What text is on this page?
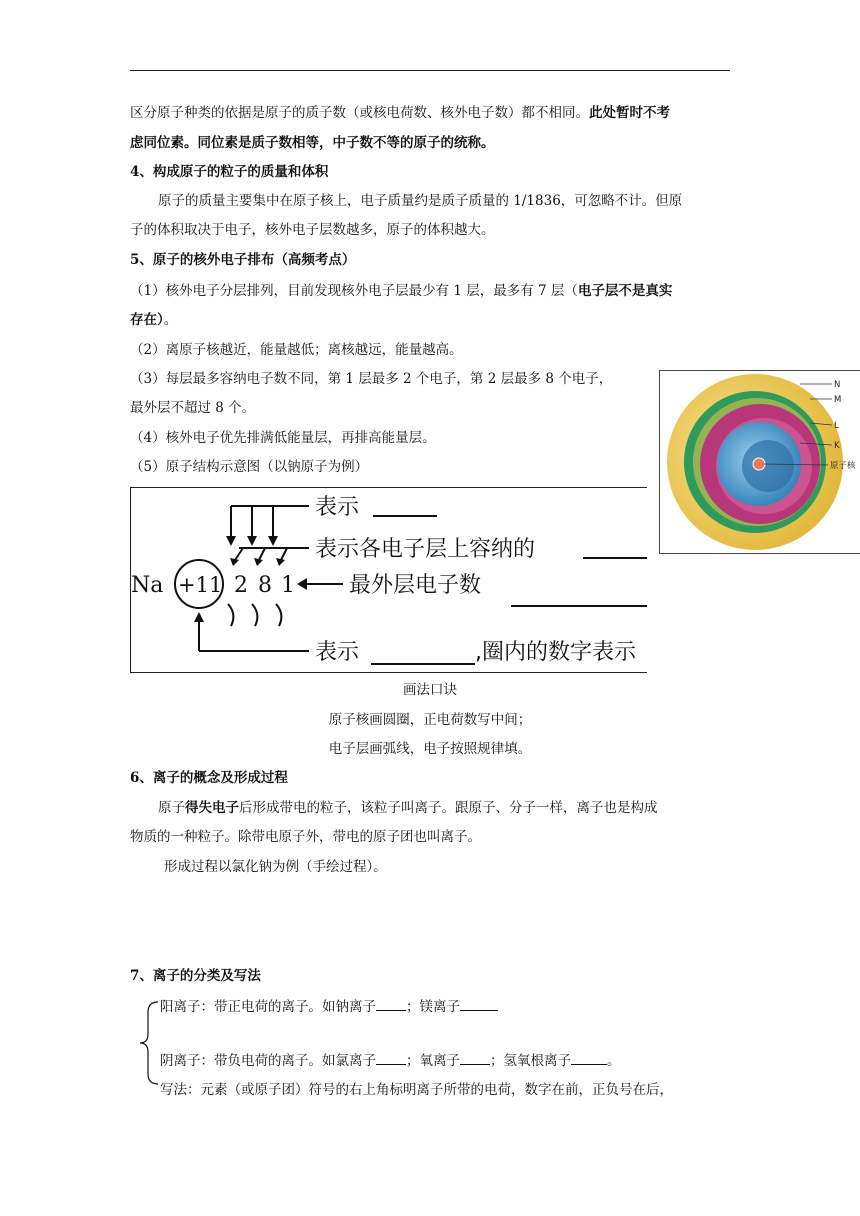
区分原子种类的依据是原子的质子数（或核电荷数、核外电子数）都不相同。此处暂时不考
虑同位素。同位素是质子数相等，中子数不等的原子的统称。
4、构成原子的粒子的质量和体积
原子的质量主要集中在原子核上，电子质量约是质子质量的 1/1836，可忽略不计。但原
子的体积取决于电子，核外电子层数越多，原子的体积越大。
5、原子的核外电子排布（高频考点）
（1）核外电子分层排列，目前发现核外电子层最少有 1 层，最多有 7 层（电子层不是真实
存在）。
（2）离原子核越近，能量越低；离核越远，能量越高。
（3）每层最多容纳电子数不同，第 1 层最多 2 个电子，第 2 层最多 8 个电子，
最外层不超过 8 个。
（4）核外电子优先排满低能量层，再排高能量层。
（5）原子结构示意图（以钠原子为例）
N
M
L
K
原子核
Na +11 2 8 1
表示
表示各电子层上容纳的
最外层电子数
表示	,圈内的数字表示
画法口诀
原子核画圆圈，正电荷数写中间；
电子层画弧线，电子按照规律填。
6、离子的概念及形成过程
原子得失电子后形成带电的粒子，该粒子叫离子。跟原子、分子一样，离子也是构成
物质的一种粒子。除带电原子外，带电的原子团也叫离子。
形成过程以氯化钠为例（手绘过程）。
7、离子的分类及写法
阳离子：带正电荷的离子。如钠离子 ；镁离子
阴离子：带负电荷的离子。如氯离子 ；氧离子 ；氢氧根离子	。
写法：元素（或原子团）符号的右上角标明离子所带的电荷，数字在前，正负号在后，
